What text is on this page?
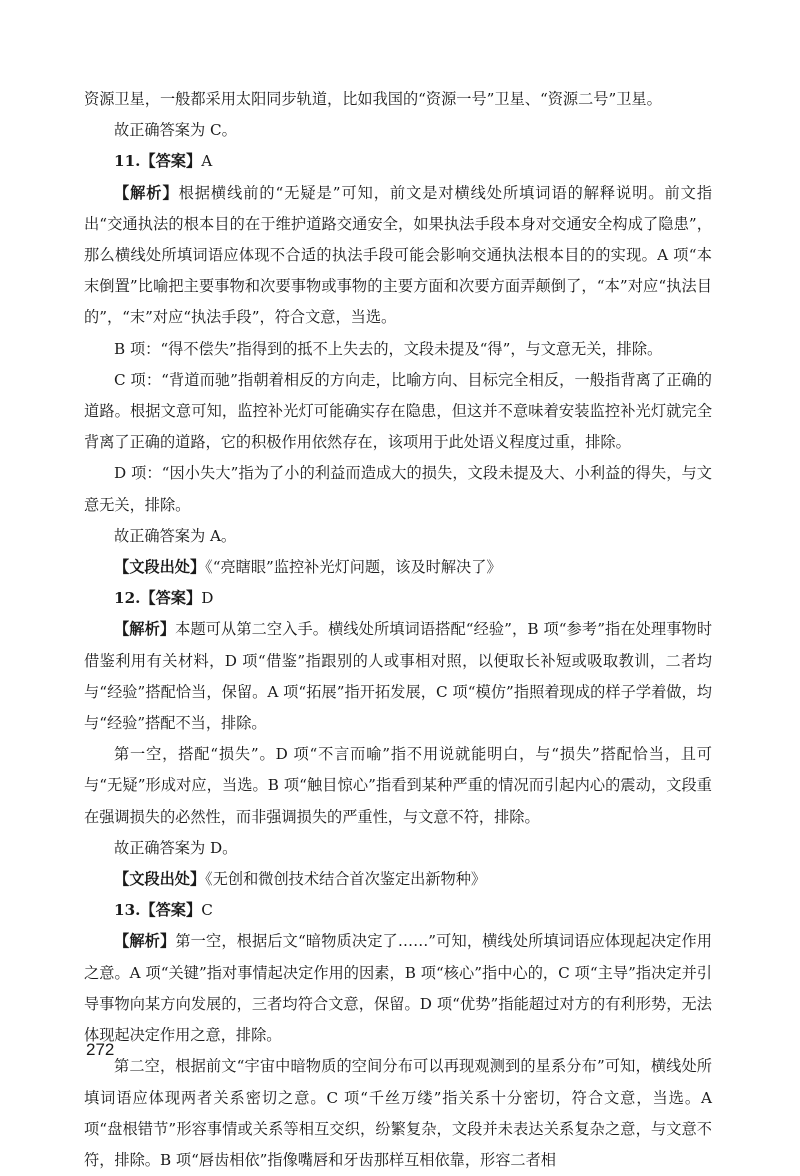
资源卫星，一般都采用太阳同步轨道，比如我国的“资源一号”卫星、“资源二号”卫星。

故正确答案为 C。

11.【答案】A

【解析】根据横线前的“无疑是”可知，前文是对横线处所填词语的解释说明。前文指出“交通执法的根本目的在于维护道路交通安全，如果执法手段本身对交通安全构成了隐患”，那么横线处所填词语应体现不合适的执法手段可能会影响交通执法根本目的的实现。A 项“本末倒置”比喻把主要事物和次要事物或事物的主要方面和次要方面弄颠倒了，“本”对应“执法目的”，“末”对应“执法手段”，符合文意，当选。

B 项：“得不偿失”指得到的抵不上失去的，文段未提及“得”，与文意无关，排除。

C 项：“背道而驰”指朝着相反的方向走，比喻方向、目标完全相反，一般指背离了正确的道路。根据文意可知，监控补光灯可能确实存在隐患，但这并不意味着安装监控补光灯就完全背离了正确的道路，它的积极作用依然存在，该项用于此处语义程度过重，排除。

D 项：“因小失大”指为了小的利益而造成大的损失，文段未提及大、小利益的得失，与文意无关，排除。

故正确答案为 A。

【文段出处】《“亮瞎眼”监控补光灯问题，该及时解决了》

12.【答案】D

【解析】本题可从第二空入手。横线处所填词语搭配“经验”，B 项“参考”指在处理事物时借鉴利用有关材料，D 项“借鉴”指跟别的人或事相对照，以便取长补短或吸取教训，二者均与“经验”搭配恰当，保留。A 项“拓展”指开拓发展，C 项“模仿”指照着现成的样子学着做，均与“经验”搭配不当，排除。

第一空，搭配“损失”。D 项“不言而喻”指不用说就能明白，与“损失”搭配恰当，且可与“无疑”形成对应，当选。B 项“触目惊心”指看到某种严重的情况而引起内心的震动，文段重在强调损失的必然性，而非强调损失的严重性，与文意不符，排除。

故正确答案为 D。

【文段出处】《无创和微创技术结合首次鉴定出新物种》

13.【答案】C

【解析】第一空，根据后文“暗物质决定了……”可知，横线处所填词语应体现起决定作用之意。A 项“关键”指对事情起决定作用的因素，B 项“核心”指中心的，C 项“主导”指决定并引导事物向某方向发展的，三者均符合文意，保留。D 项“优势”指能超过对方的有利形势，无法体现起决定作用之意，排除。

第二空，根据前文“宇宙中暗物质的空间分布可以再现观测到的星系分布”可知，横线处所填词语应体现两者关系密切之意。C 项“千丝万缕”指关系十分密切，符合文意，当选。A 项“盘根错节”形容事情或关系等相互交织，纷繁复杂，文段并未表达关系复杂之意，与文意不符，排除。B 项“唇齿相依”指像嘴唇和牙齿那样互相依靠，形容二者相

272
